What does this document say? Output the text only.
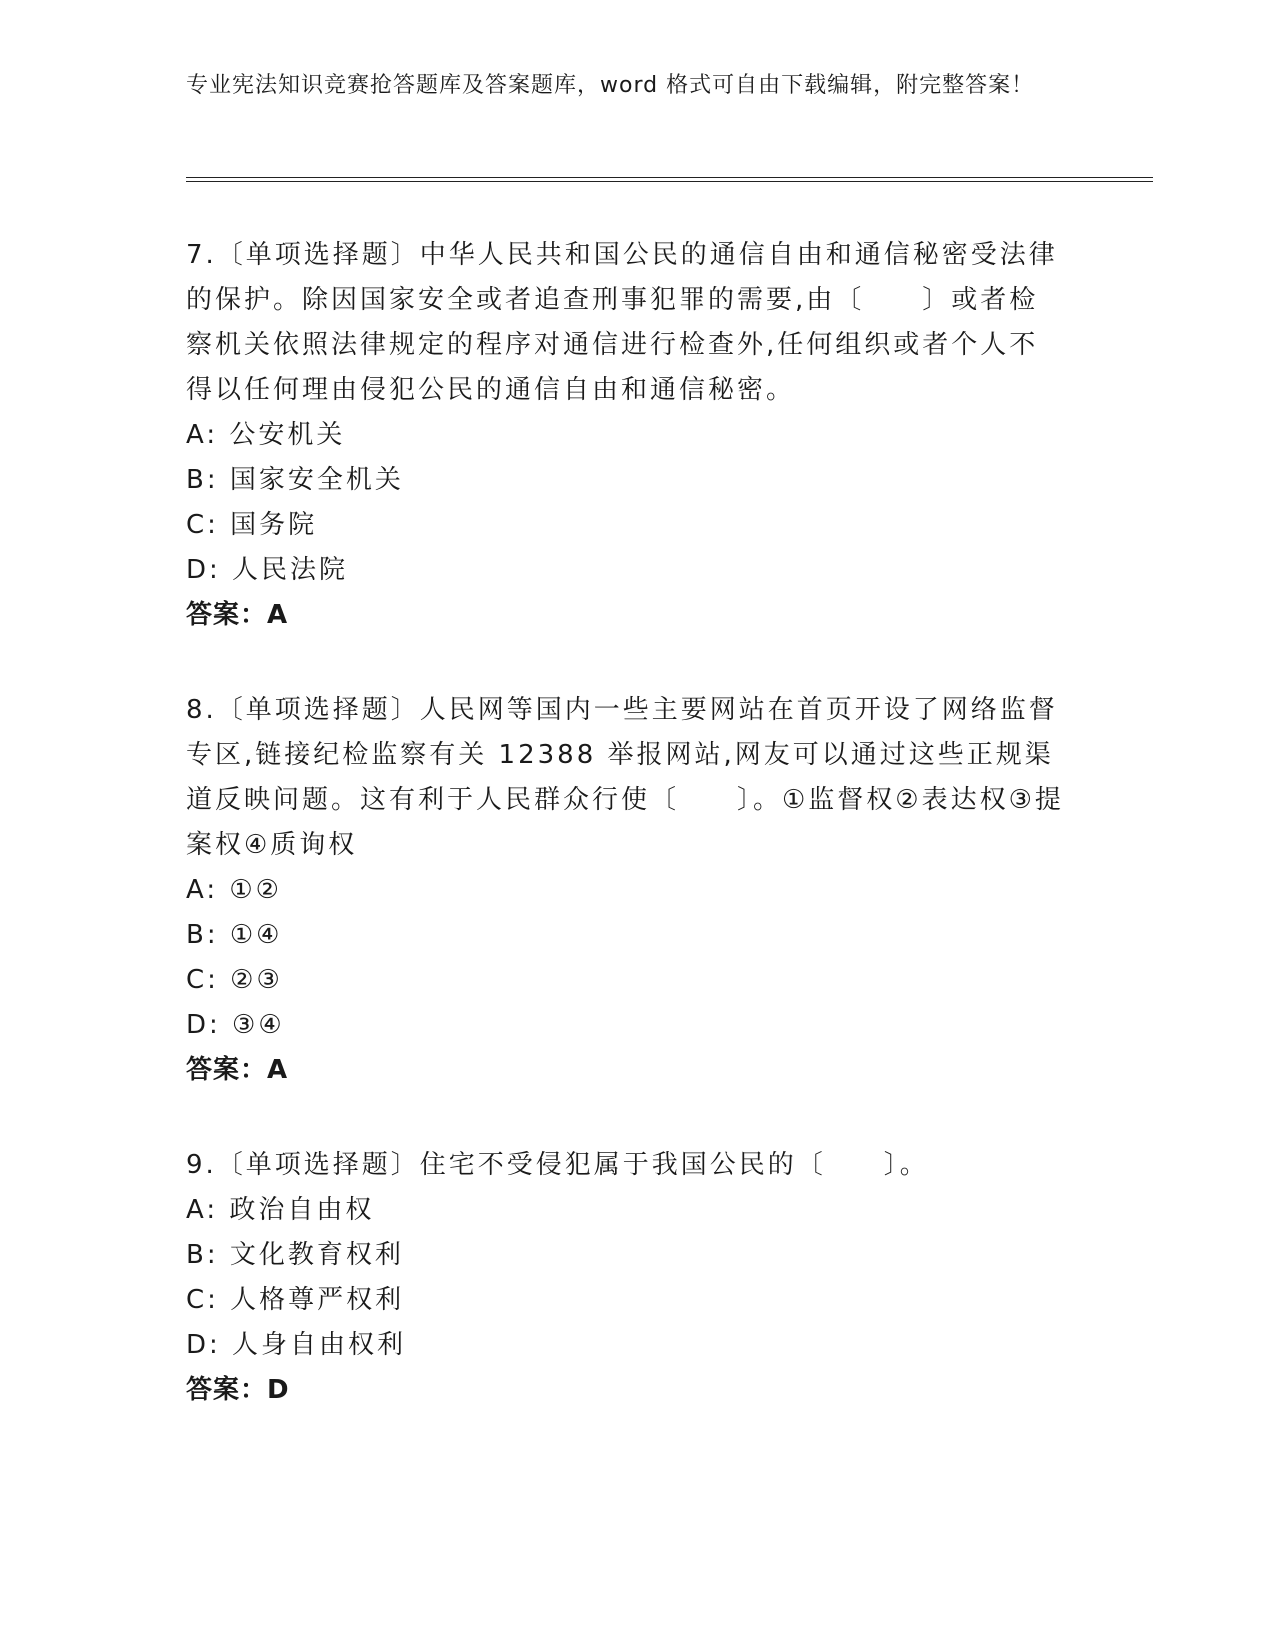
专业宪法知识竞赛抢答题库及答案题库，word 格式可自由下载编辑，附完整答案！

7.〔单项选择题〕中华人民共和国公民的通信自由和通信秘密受法律的保护。除因国家安全或者追查刑事犯罪的需要,由〔　　〕或者检察机关依照法律规定的程序对通信进行检查外,任何组织或者个人不得以任何理由侵犯公民的通信自由和通信秘密。

A: 公安机关

B: 国家安全机关

C: 国务院

D: 人民法院

答案：A

8.〔单项选择题〕人民网等国内一些主要网站在首页开设了网络监督专区,链接纪检监察有关 12388 举报网站,网友可以通过这些正规渠道反映问题。这有利于人民群众行使〔　　〕。①监督权②表达权③提案权④质询权

A: ①②

B: ①④

C: ②③

D: ③④

答案：A

9.〔单项选择题〕住宅不受侵犯属于我国公民的〔　　〕。

A: 政治自由权

B: 文化教育权利

C: 人格尊严权利

D: 人身自由权利

答案：D
